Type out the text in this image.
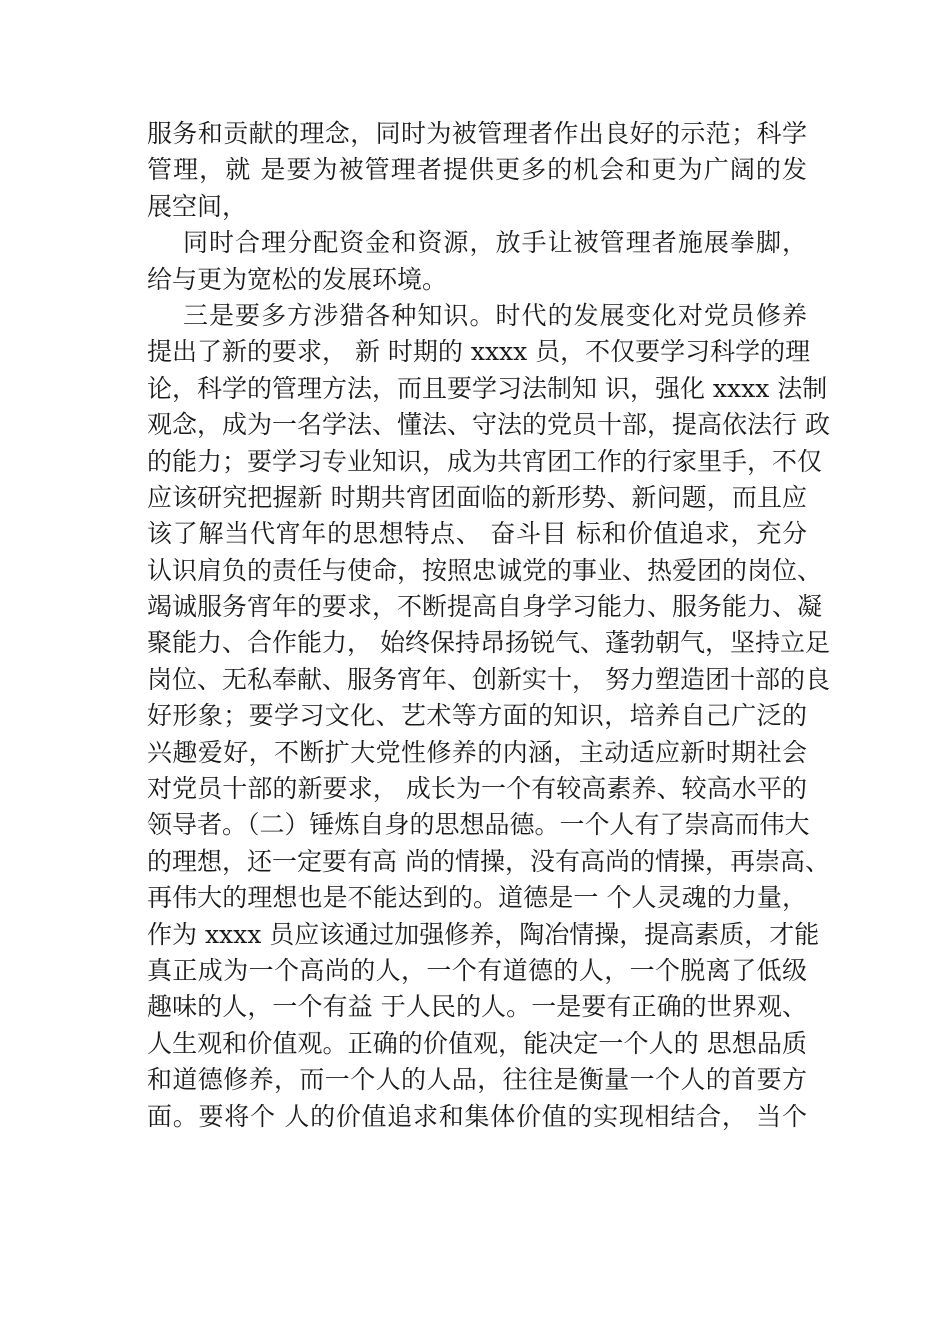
服务和贡献的理念，同时为被管理者作出良好的示范；科学
管理，就 是要为被管理者提供更多的机会和更为广阔的发
展空间，
同时合理分配资金和资源，放手让被管理者施展拳脚，
给与更为宽松的发展环境。
三是要多方涉猎各种知识。时代的发展变化对党员修养
提出了新的要求， 新 时期的 xxxx 员，不仅要学习科学的理
论，科学的管理方法，而且要学习法制知 识，强化 xxxx 法制
观念，成为一名学法、懂法、守法的党员十部，提高依法行 政
的能力；要学习专业知识，成为共宵团工作的行家里手，不仅
应该研究把握新 时期共宵团面临的新形势、新问题，而且应
该了解当代宵年的思想特点、 奋斗目 标和价值追求，充分
认识肩负的责任与使命，按照忠诚党的事业、热爱团的岗位、
竭诚服务宵年的要求，不断提高自身学习能力、服务能力、凝
聚能力、合作能力， 始终保持昂扬锐气、蓬勃朝气，坚持立足
岗位、无私奉献、服务宵年、创新实十， 努力塑造团十部的良
好形象；要学习文化、艺术等方面的知识，培养自己广泛的
兴趣爱好，不断扩大党性修养的内涵，主动适应新时期社会
对党员十部的新要求， 成长为一个有较高素养、较高水平的
领导者。（二）锤炼自身的思想品德。一个人有了崇高而伟大
的理想，还一定要有高 尚的情操，没有高尚的情操，再崇高、
再伟大的理想也是不能达到的。道德是一 个人灵魂的力量，
作为 xxxx 员应该通过加强修养，陶冶情操，提高素质，才能
真正成为一个高尚的人，一个有道德的人，一个脱离了低级
趣味的人，一个有益 于人民的人。一是要有正确的世界观、
人生观和价值观。正确的价值观，能决定一个人的 思想品质
和道德修养，而一个人的人品，往往是衡量一个人的首要方
面。要将个 人的价值追求和集体价值的实现相结合， 当个
